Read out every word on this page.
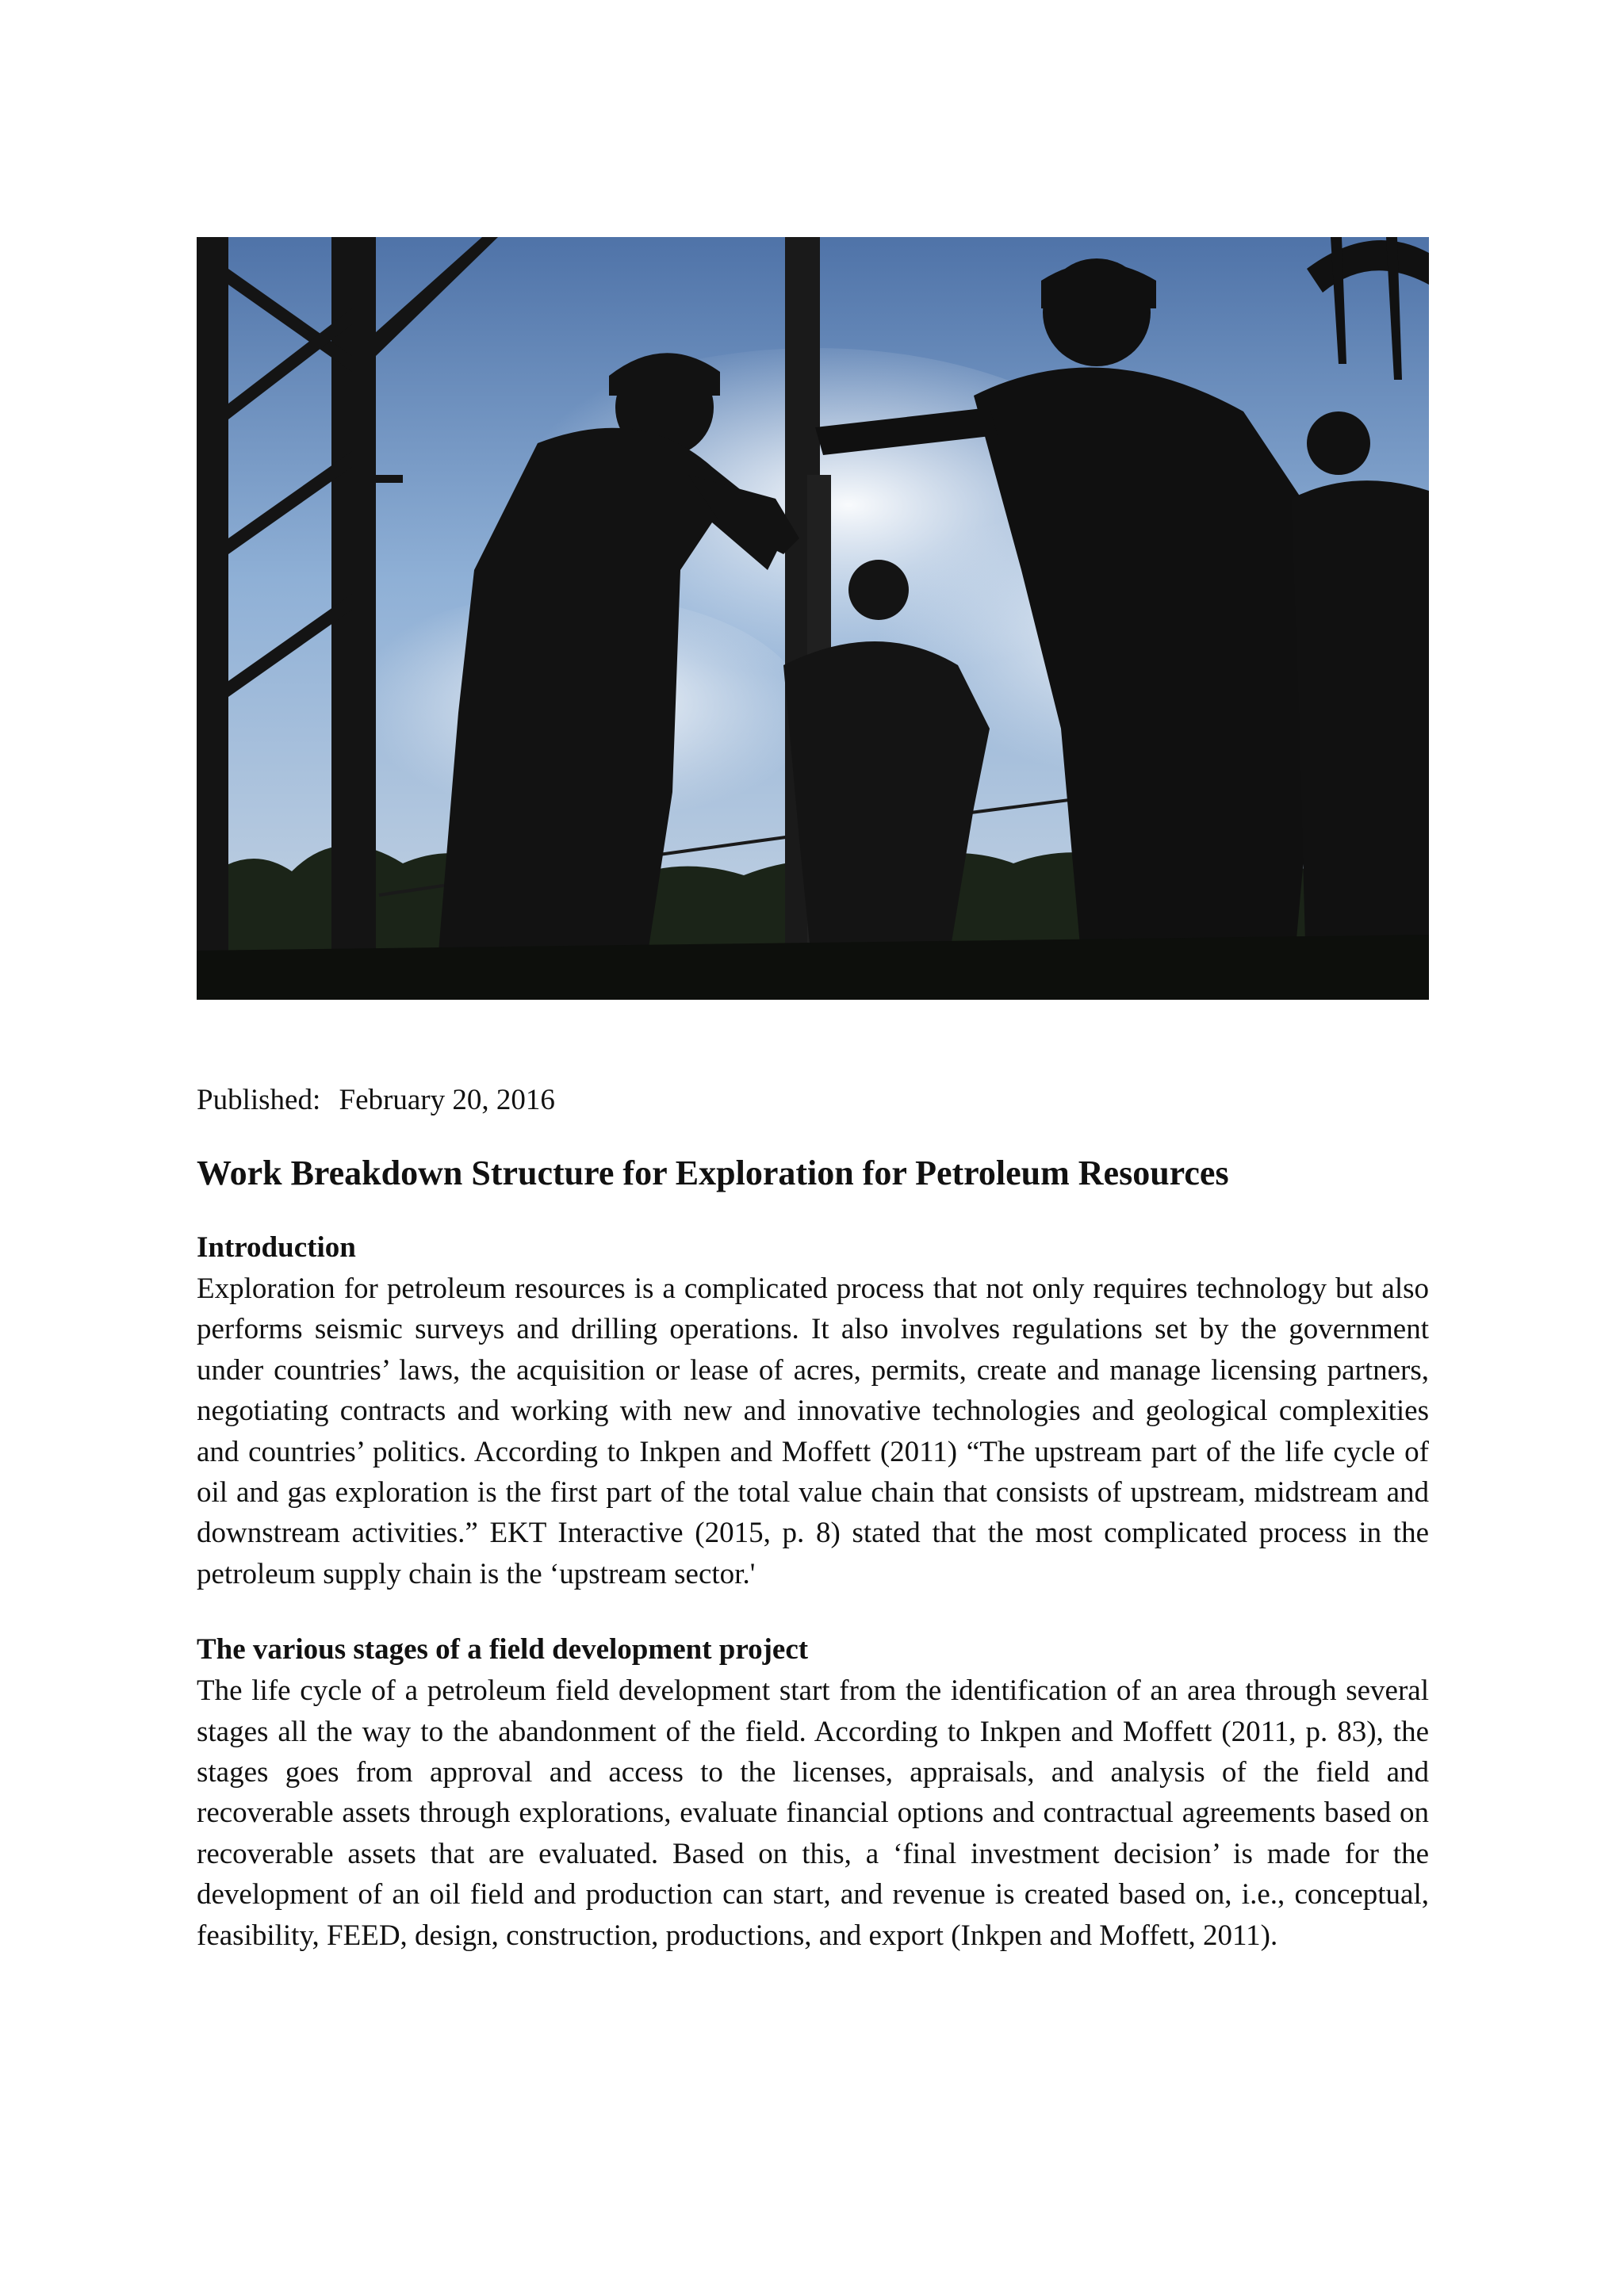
Published: February 20, 2016

Work Breakdown Structure for Exploration for Petroleum Resources
Introduction

Exploration for petroleum resources is a complicated process that not only requires technology but also performs seismic surveys and drilling operations. It also involves regulations set by the government under countries’ laws, the acquisition or lease of acres, permits, create and manage licensing partners, negotiating contracts and working with new and innovative technologies and geological complexities and countries’ politics. According to Inkpen and Moffett (2011) “The upstream part of the life cycle of oil and gas exploration is the first part of the total value chain that consists of upstream, midstream and downstream activities.” EKT Interactive (2015, p. 8) stated that the most complicated process in the petroleum supply chain is the ‘upstream sector.'

The various stages of a field development project

The life cycle of a petroleum field development start from the identification of an area through several stages all the way to the abandonment of the field. According to Inkpen and Moffett (2011, p. 83), the stages goes from approval and access to the licenses, appraisals, and analysis of the field and recoverable assets through explorations, evaluate financial options and contractual agreements based on recoverable assets that are evaluated. Based on this, a ‘final investment decision’ is made for the development of an oil field and production can start, and revenue is created based on, i.e., conceptual, feasibility, FEED, design, construction, productions, and export (Inkpen and Moffett, 2011).
